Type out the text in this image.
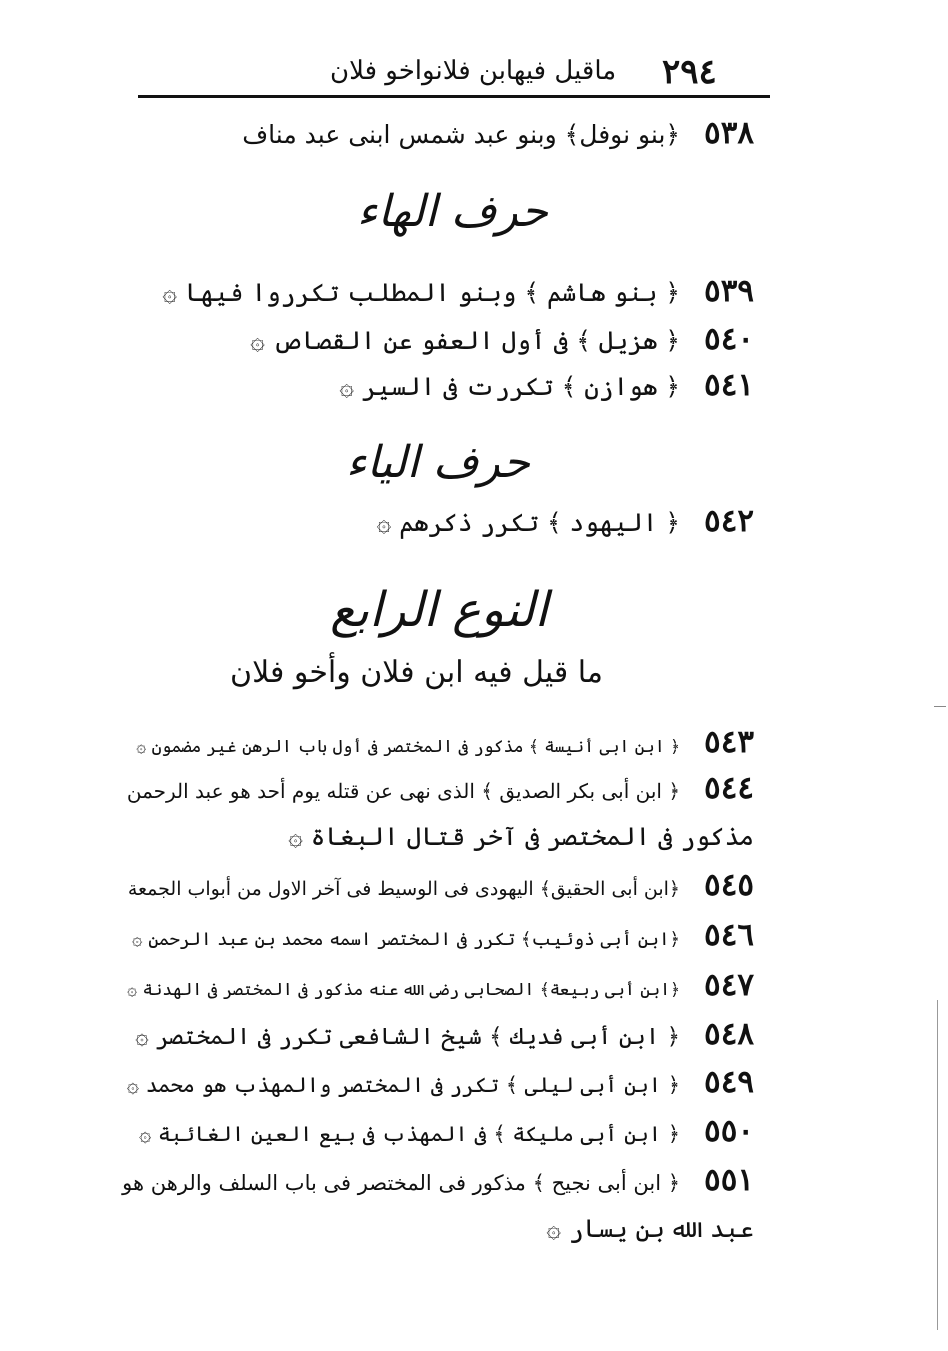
٢٩٤
ماقيل فيهابن فلانواخو فلان
٥٣٨﴿بنو نوفل﴾ وبنو عبد شمس ابنى عبد مناف
حرف الهاء
٥٣٩﴿ بنو هاشم ﴾ وبنو المطلب تكرروا فيها ۞
٥٤٠﴿ هزيل ﴾ فى أول العفو عن القصاص ۞
٥٤١﴿ هوازن ﴾ تكررت فى السير ۞
حرف الياء
٥٤٢﴿ اليهود ﴾ تكرر ذكرهم ۞
النوع الرابع
ما قيل فيه ابن فلان وأخو فلان
٥٤٣﴿ ابن ابى أنيسة ﴾ مذكور فى المختصر فى أول باب الرهن غير مضمون ۞
٥٤٤﴿ ابن أبى بكر الصديق ﴾ الذى نهى عن قتله يوم أحد هو عبد الرحمن
مذكور فى المختصر فى آخر قتال البغاة ۞
٥٤٥﴿ابن أبى الحقيق﴾ اليهودى فى الوسيط فى آخر الاول من أبواب الجمعة
٥٤٦﴿ابن أبى ذوئيب﴾ تكرر فى المختصر اسمه محمد بن عبد الرحمن ۞
٥٤٧﴿ابن أبى ربيعة﴾ الصحابى رضى الله عنه مذكور فى المختصر فى الهدنة ۞
٥٤٨﴿ ابن أبى فديك ﴾ شيخ الشافعى تكرر فى المختصر ۞
٥٤٩﴿ ابن أبى ليلى ﴾ تكرر فى المختصر والمهذب هو محمد ۞
٥٥٠﴿ ابن أبى مليكة ﴾ فى المهذب فى بيع العين الغائبة ۞
٥٥١﴿ ابن أبى نجيح ﴾ مذكور فى المختصر فى باب السلف والرهن هو
عبد الله بن يسار ۞
